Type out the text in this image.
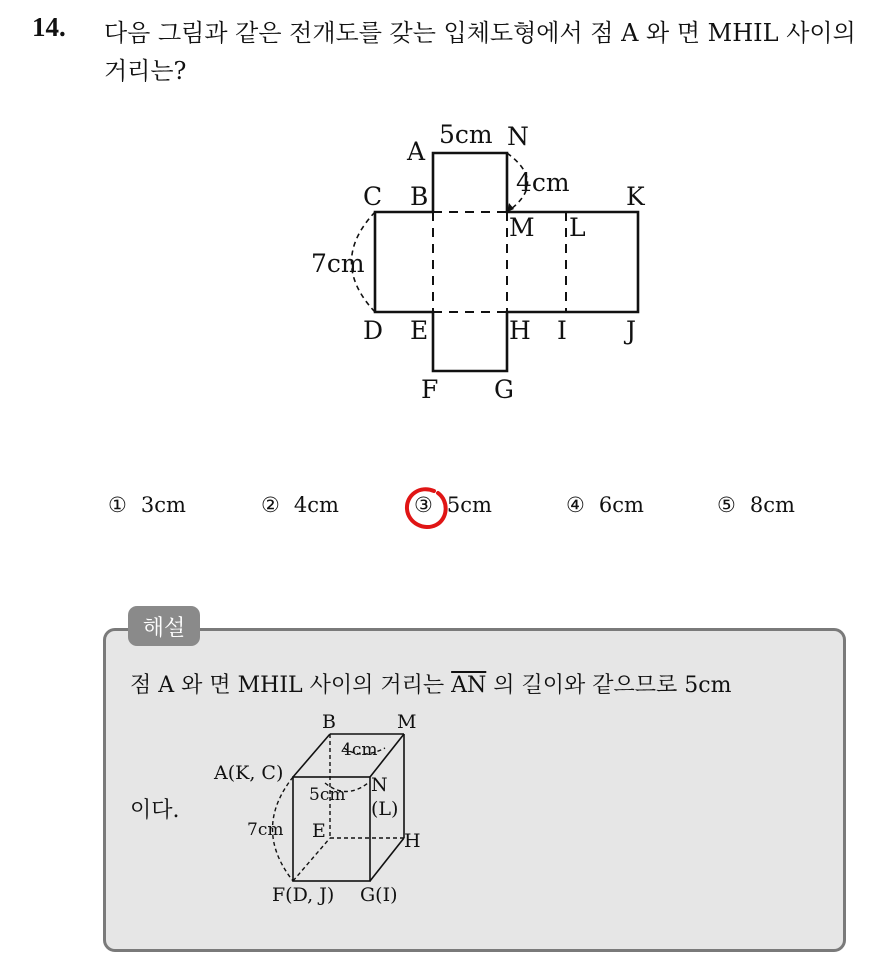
14. 다음 그림과 같은 전개도를 갖는 입체도형에서 점 A 와 면 MHIL 사이의 거리는?
A
N
C B	K
M L
D E	H I J
F G
5cm
4cm
7cm
① 3cm	② 4cm	③ 5cm	④ 6cm	⑤ 8cm
해설
점 A 와 면 MHIL 사이의 거리는 $\overline{AN}$ 의 길이와 같으므로 5cm
이다.
B	M
A(K, C)
N
(L)
E	H
F(D, J) G(I)
4cm
5cm
7cm
